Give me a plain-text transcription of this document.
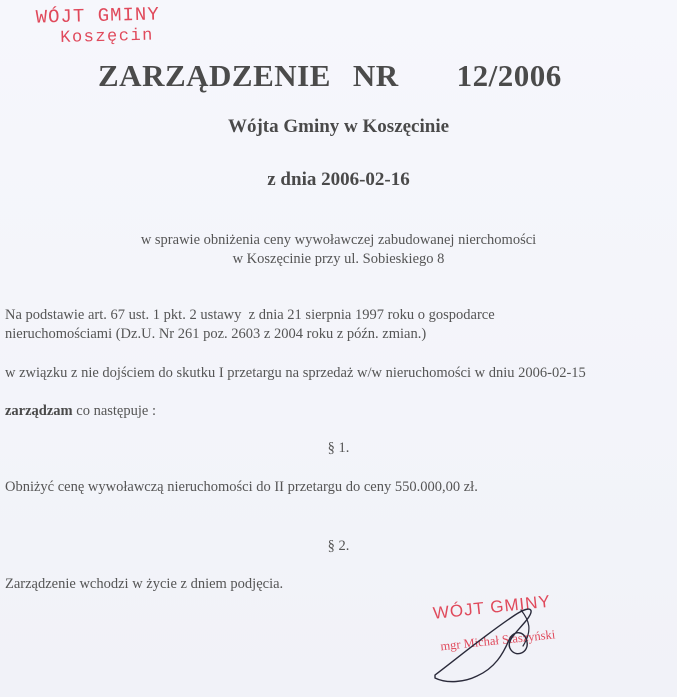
WÓJT GMINY
Koszęcin
ZARZĄDZENIE NR 12/2006
Wójta Gminy w Koszęcinie
z dnia 2006-02-16
w sprawie obniżenia ceny wywoławczej zabudowanej nierchomości
w Koszęcinie przy ul. Sobieskiego 8
Na podstawie art. 67 ust. 1 pkt. 2 ustawy  z dnia 21 sierpnia 1997 roku o gospodarce
nieruchomościami (Dz.U. Nr 261 poz. 2603 z 2004 roku z późn. zmian.)
w związku z nie dojściem do skutku I przetargu na sprzedaż w/w nieruchomości w dniu 2006-02-15
zarządzam co następuje :
§ 1.
Obniżyć cenę wywoławczą nieruchomości do II przetargu do ceny 550.000,00 zł.
§ 2.
Zarządzenie wchodzi w życie z dniem podjęcia.
WÓJT GMINY
mgr Michał Staszyński
